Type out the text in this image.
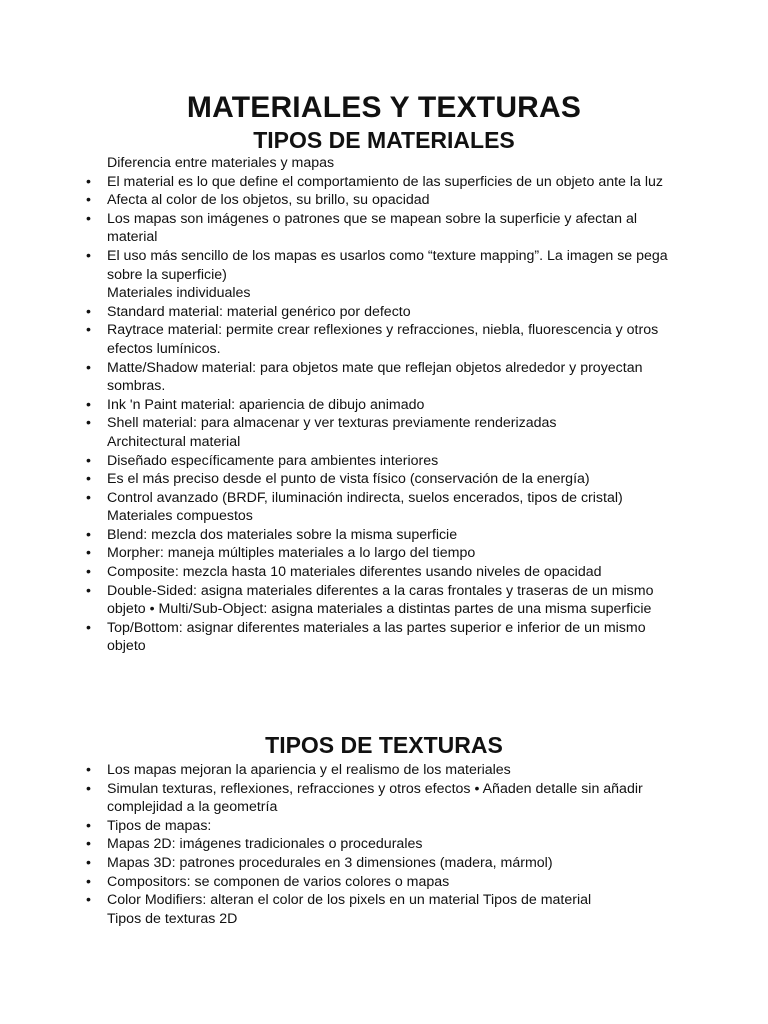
MATERIALES Y TEXTURAS
TIPOS DE MATERIALES
Diferencia entre materiales y mapas
•	El material es lo que define el comportamiento de las superficies de un objeto ante la luz
•	Afecta al color de los objetos, su brillo, su opacidad
•	Los mapas son imágenes o patrones que se mapean sobre la superficie y afectan al material
•	El uso más sencillo de los mapas es usarlos como “texture mapping”. La imagen se pega sobre la superficie)
Materiales individuales
•	Standard material: material genérico por defecto
•	Raytrace material: permite crear reflexiones y refracciones, niebla, fluorescencia y otros efectos lumínicos.
•	Matte/Shadow material: para objetos mate que reflejan objetos alrededor y proyectan sombras.
•	Ink 'n Paint material: apariencia de dibujo animado
•	Shell material: para almacenar y ver texturas previamente renderizadas
Architectural material
•	Diseñado específicamente para ambientes interiores
•	Es el más preciso desde el punto de vista físico (conservación de la energía)
•	Control avanzado (BRDF, iluminación indirecta, suelos encerados, tipos de cristal)
Materiales compuestos
•	Blend: mezcla dos materiales sobre la misma superficie
•	Morpher: maneja múltiples materiales a lo largo del tiempo
•	Composite: mezcla hasta 10 materiales diferentes usando niveles de opacidad
•	Double-Sided: asigna materiales diferentes a la caras frontales y traseras de un mismo objeto • Multi/Sub-Object: asigna materiales a distintas partes de una misma superficie
•	Top/Bottom: asignar diferentes materiales a las partes superior e inferior de un mismo objeto
TIPOS DE TEXTURAS
•	Los mapas mejoran la apariencia y el realismo de los materiales
•	Simulan texturas, reflexiones, refracciones y otros efectos • Añaden detalle sin añadir complejidad a la geometría
•	Tipos de mapas:
•	Mapas 2D: imágenes tradicionales o procedurales
•	Mapas 3D: patrones procedurales en 3 dimensiones (madera, mármol)
•	Compositors: se componen de varios colores o mapas
•	Color Modifiers: alteran el color de los pixels en un material Tipos de material
Tipos de texturas 2D
